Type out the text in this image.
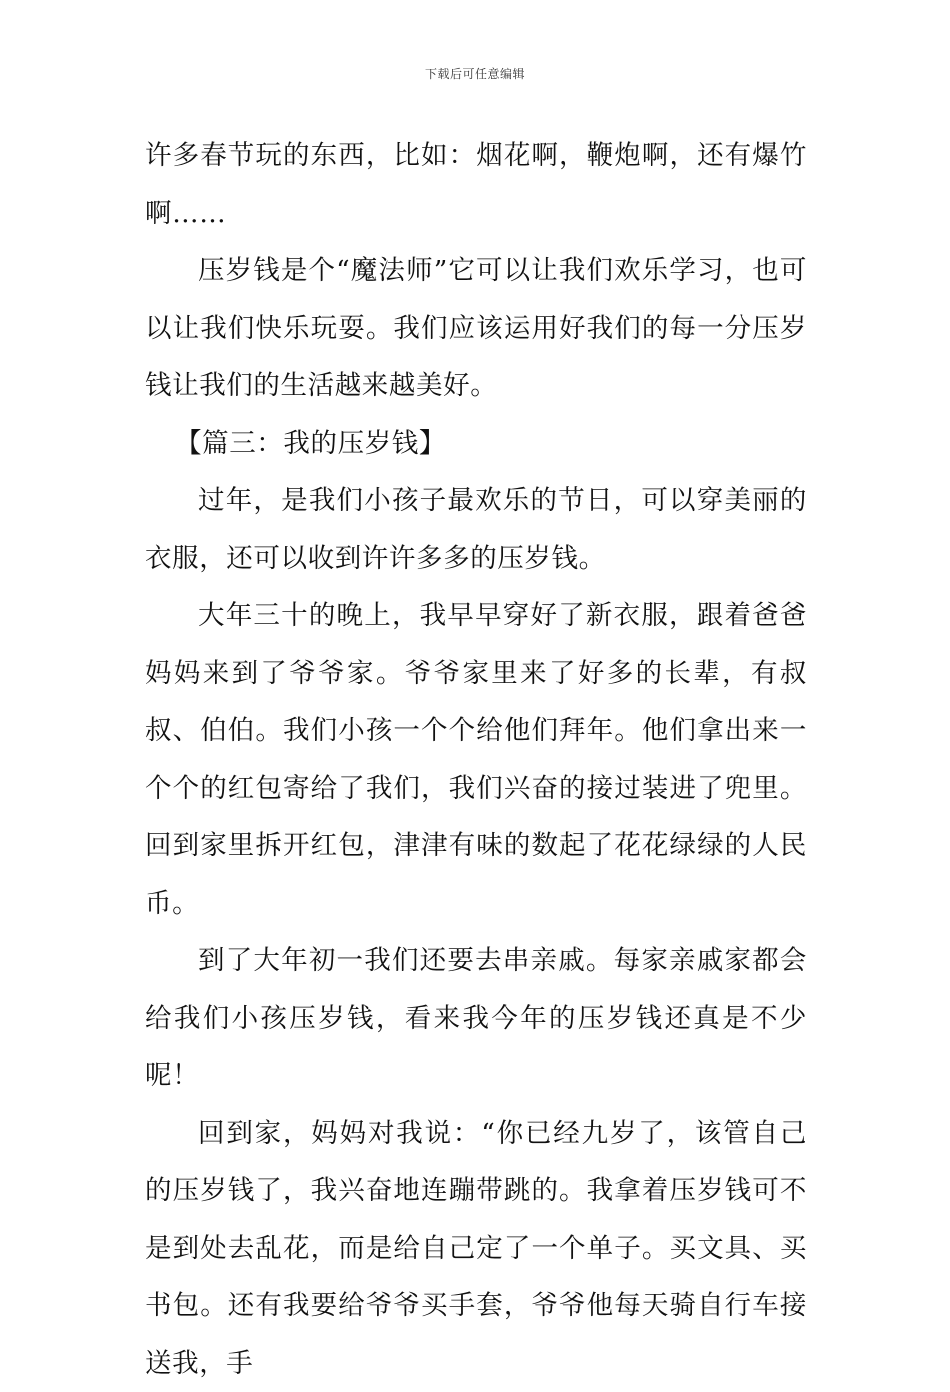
下载后可任意编辑

许多春节玩的东西，比如：烟花啊，鞭炮啊，还有爆竹啊……

压岁钱是个“魔法师”它可以让我们欢乐学习，也可以让我们快乐玩耍。我们应该运用好我们的每一分压岁钱让我们的生活越来越美好。

【篇三：我的压岁钱】

过年，是我们小孩子最欢乐的节日，可以穿美丽的衣服，还可以收到许许多多的压岁钱。

大年三十的晚上，我早早穿好了新衣服，跟着爸爸妈妈来到了爷爷家。爷爷家里来了好多的长辈，有叔叔、伯伯。我们小孩一个个给他们拜年。他们拿出来一个个的红包寄给了我们，我们兴奋的接过装进了兜里。回到家里拆开红包，津津有味的数起了花花绿绿的人民币。

到了大年初一我们还要去串亲戚。每家亲戚家都会给我们小孩压岁钱，看来我今年的压岁钱还真是不少呢！

回到家，妈妈对我说：“你已经九岁了，该管自己的压岁钱了，我兴奋地连蹦带跳的。我拿着压岁钱可不是到处去乱花，而是给自己定了一个单子。买文具、买书包。还有我要给爷爷买手套，爷爷他每天骑自行车接送我，手
